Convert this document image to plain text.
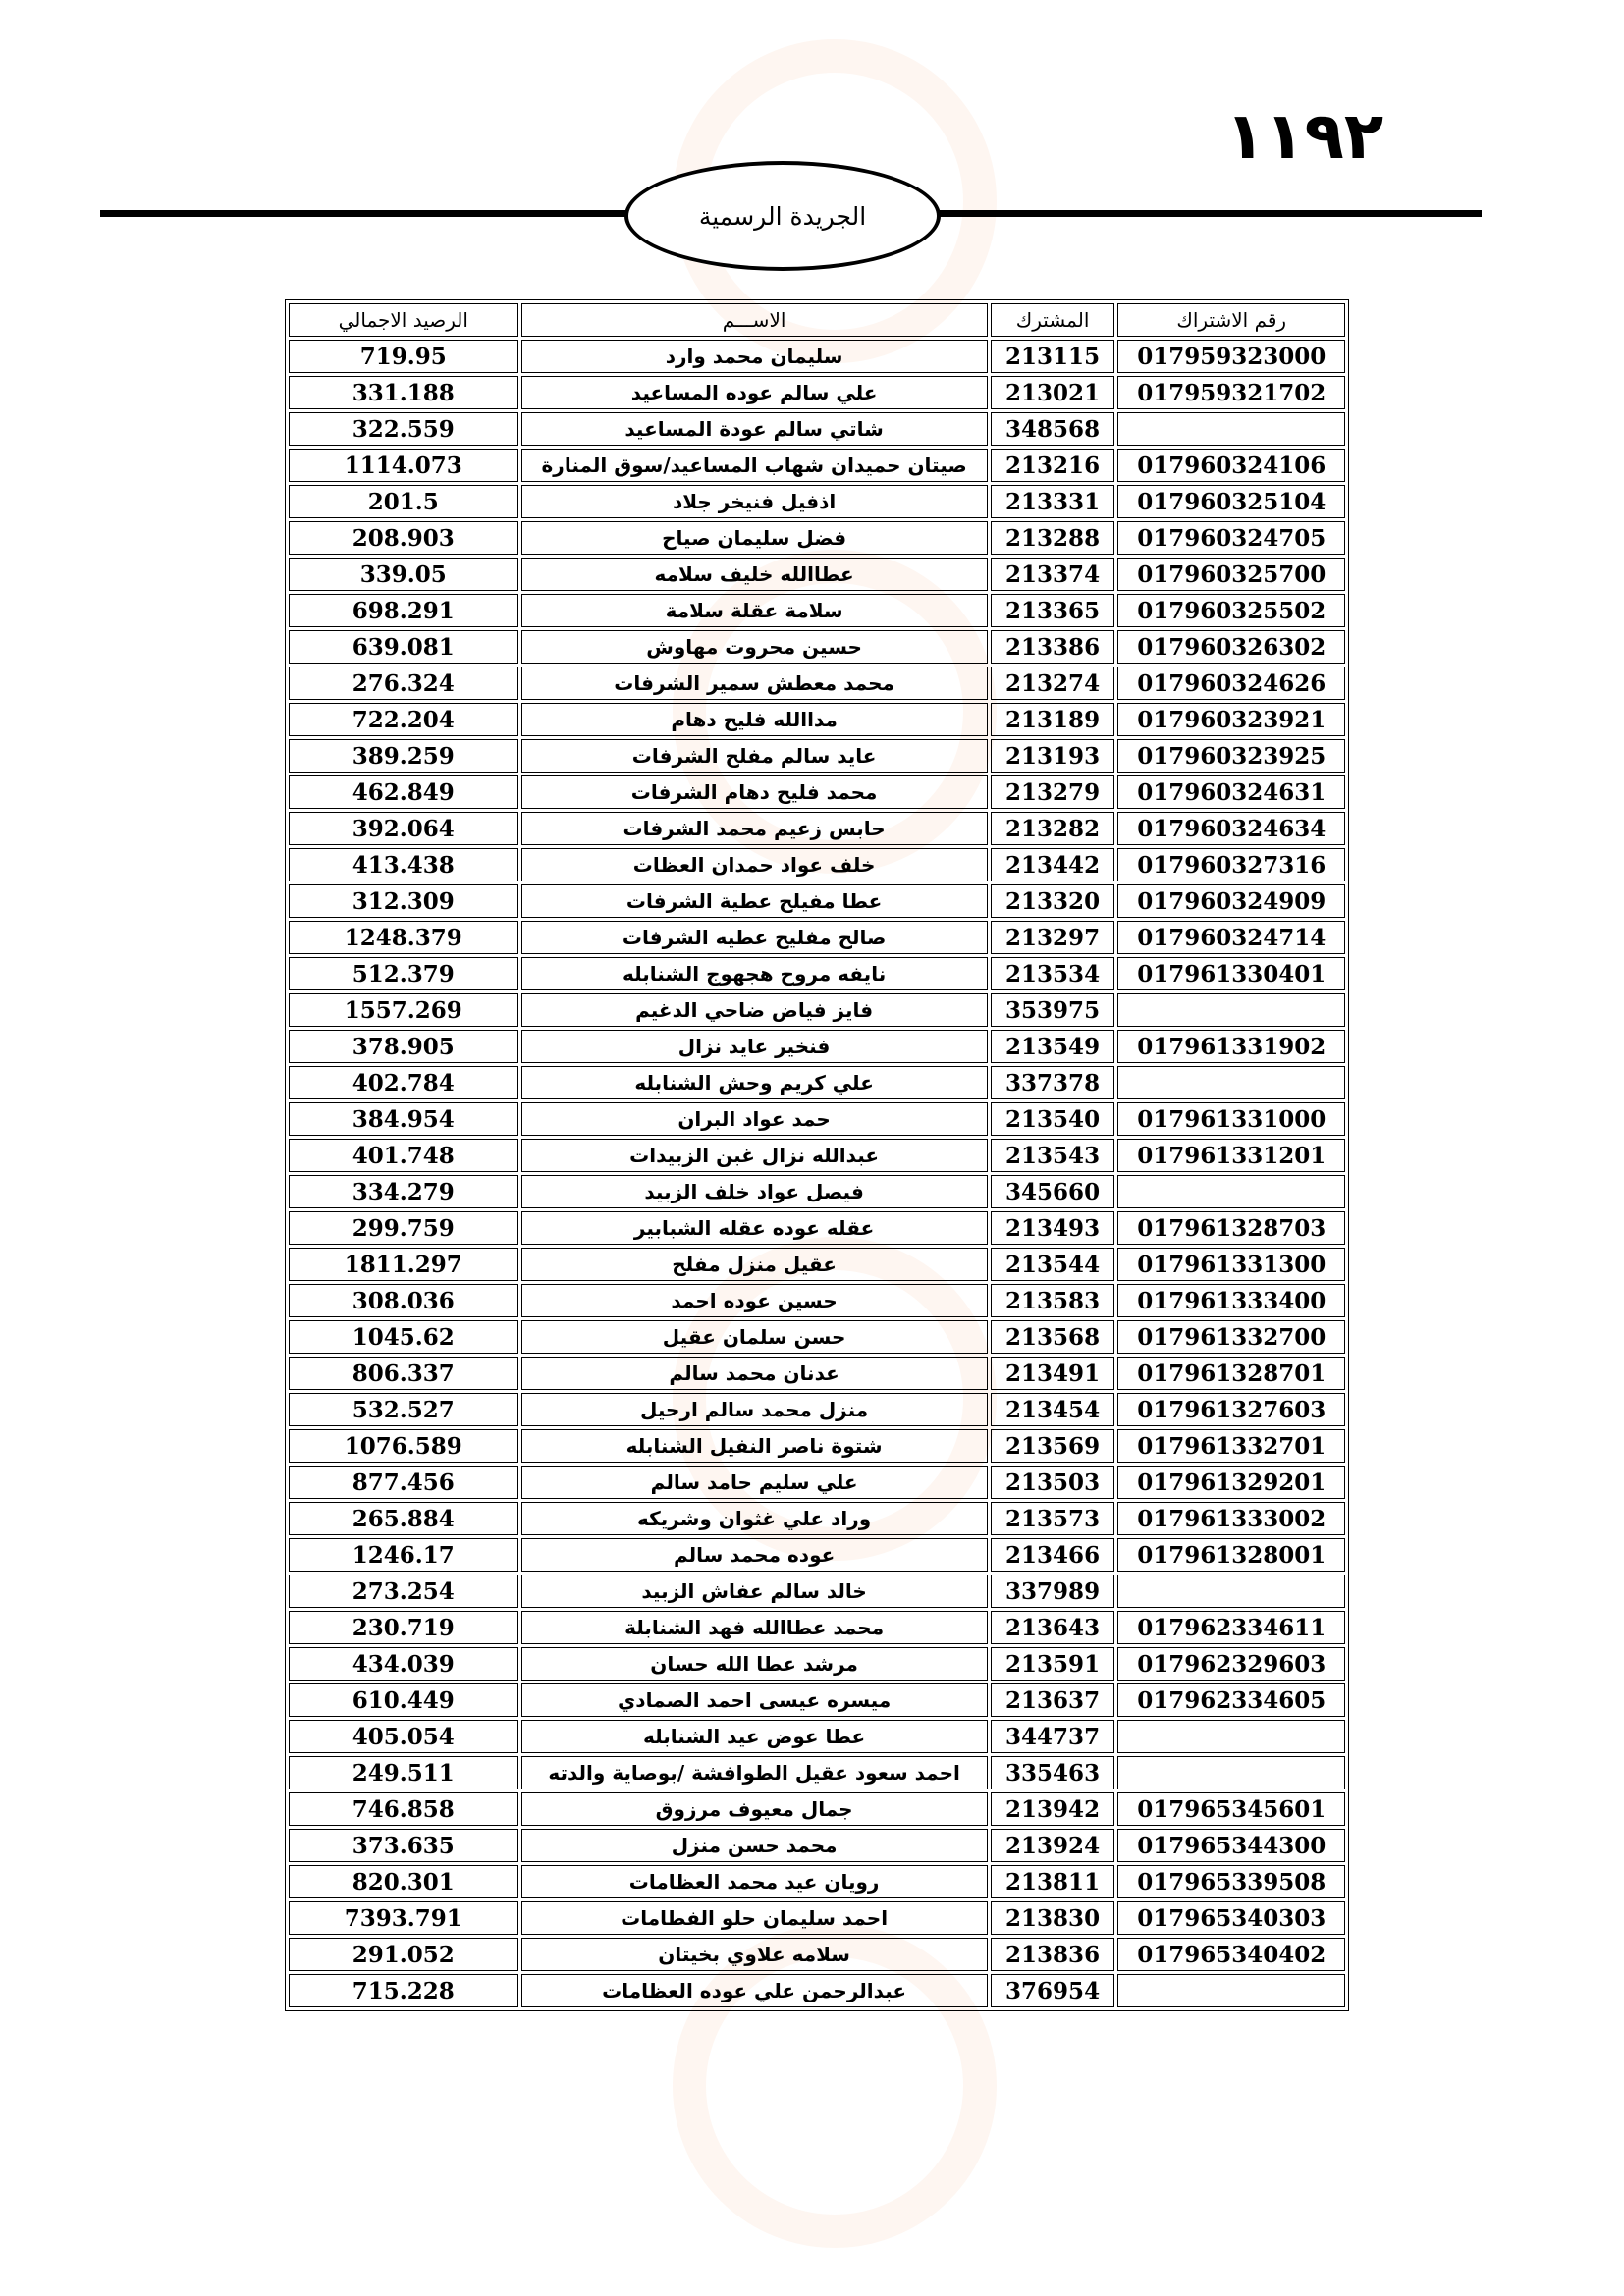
١١٩٢
الجريدة الرسمية
رقم الاشتراك	المشترك	الاســـم	الرصيد الاجمالي
017959323000	213115	سليمان محمد وارد	719.95
017959321702	213021	علي سالم عوده المساعيد	331.188
	348568	شاتي سالم عودة المساعيد	322.559
017960324106	213216	صيتان حميدان شهاب المساعيد/سوق المنارة	1114.073
017960325104	213331	اذفيل فنيخر جلاد	201.5
017960324705	213288	فضل سليمان صياح	208.903
017960325700	213374	عطاالله خليف سلامه	339.05
017960325502	213365	سلامة عقلة سلامة	698.291
017960326302	213386	حسين محروت مهاوش	639.081
017960324626	213274	محمد معطش سمير الشرفات	276.324
017960323921	213189	مداالله فليح دهام	722.204
017960323925	213193	عايد سالم مفلح الشرفات	389.259
017960324631	213279	محمد فليح دهام الشرفات	462.849
017960324634	213282	حابس زعيم محمد الشرفات	392.064
017960327316	213442	خلف عواد حمدان العظات	413.438
017960324909	213320	عطا مفيلح عطية الشرفات	312.309
017960324714	213297	صالح مفليح عطيه الشرفات	1248.379
017961330401	213534	نايفه مروح هجهوج الشنابله	512.379
	353975	فايز فياض ضاحي الدغيم	1557.269
017961331902	213549	فنخير عايد نزال	378.905
	337378	علي كريم وحش الشنابله	402.784
017961331000	213540	حمد عواد البران	384.954
017961331201	213543	عبدالله نزال غبن الزبيدات	401.748
	345660	فيصل عواد خلف الزبيد	334.279
017961328703	213493	عقله عوده عقله الشبابير	299.759
017961331300	213544	عقيل منزل مفلح	1811.297
017961333400	213583	حسين عوده احمد	308.036
017961332700	213568	حسن سلمان عقيل	1045.62
017961328701	213491	عدنان محمد سالم	806.337
017961327603	213454	منزل محمد سالم ارحيل	532.527
017961332701	213569	شتوة ناصر النفيل الشنابله	1076.589
017961329201	213503	علي سليم حامد سالم	877.456
017961333002	213573	وراد علي غثوان وشريكه	265.884
017961328001	213466	عوده محمد سالم	1246.17
	337989	خالد سالم عفاش الزبيد	273.254
017962334611	213643	محمد عطاالله فهد الشنابلة	230.719
017962329603	213591	مرشد عطا الله حسان	434.039
017962334605	213637	ميسره عيسى احمد الصمادي	610.449
	344737	عطا عوض عيد الشنابله	405.054
	335463	احمد سعود عقيل الطوافشة /بوصاية والدته	249.511
017965345601	213942	جمال معيوف مرزوق	746.858
017965344300	213924	محمد حسن منزل	373.635
017965339508	213811	رويان عيد محمد العظامات	820.301
017965340303	213830	احمد سليمان حلو الفطامات	7393.791
017965340402	213836	سلامه علاوي بخيتان	291.052
	376954	عبدالرحمن علي عوده العظامات	715.228
